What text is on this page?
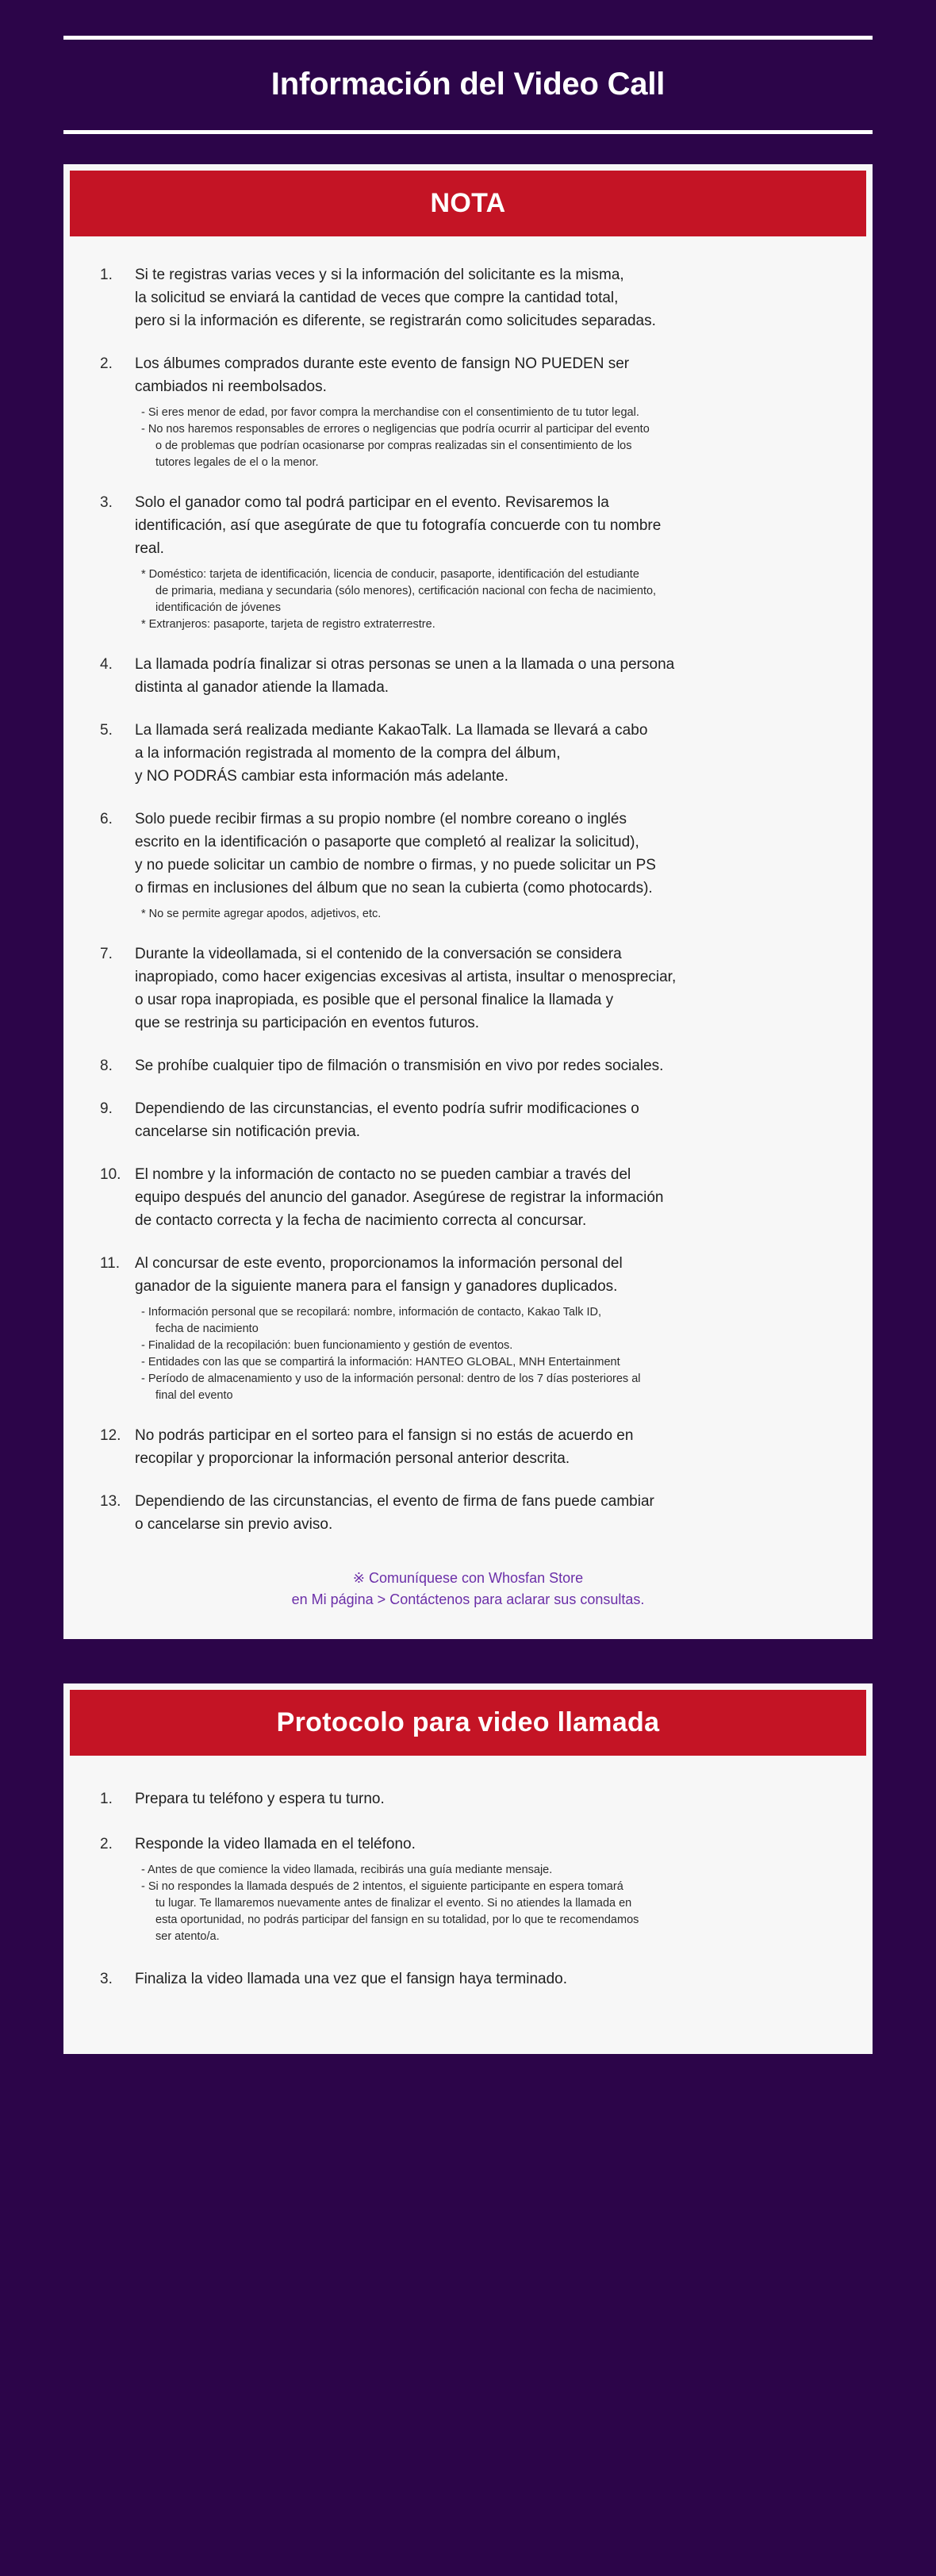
Información del Video Call
NOTA
1. Si te registras varias veces y si la información del solicitante es la misma,
la solicitud se enviará la cantidad de veces que compre la cantidad total,
pero si la información es diferente, se registrarán como solicitudes separadas.
2. Los álbumes comprados durante este evento de fansign NO PUEDEN ser
cambiados ni reembolsados.
- Si eres menor de edad, por favor compra la merchandise con el consentimiento de tu tutor legal.
- No nos haremos responsables de errores o negligencias que podría ocurrir al participar del evento
o de problemas que podrían ocasionarse por compras realizadas sin el consentimiento de los
tutores legales de el o la menor.
3. Solo el ganador como tal podrá participar en el evento. Revisaremos la
identificación, así que asegúrate de que tu fotografía concuerde con tu nombre
real.
* Doméstico: tarjeta de identificación, licencia de conducir, pasaporte, identificación del estudiante
de primaria, mediana y secundaria (sólo menores), certificación nacional con fecha de nacimiento,
identificación de jóvenes
* Extranjeros: pasaporte, tarjeta de registro extraterrestre.
4. La llamada podría finalizar si otras personas se unen a la llamada o una persona
distinta al ganador atiende la llamada.
5. La llamada será realizada mediante KakaoTalk. La llamada se llevará a cabo
a la información registrada al momento de la compra del álbum,
y NO PODRÁS cambiar esta información más adelante.
6. Solo puede recibir firmas a su propio nombre (el nombre coreano o inglés
escrito en la identificación o pasaporte que completó al realizar la solicitud),
y no puede solicitar un cambio de nombre o firmas, y no puede solicitar un PS
o firmas en inclusiones del álbum que no sean la cubierta (como photocards).
* No se permite agregar apodos, adjetivos, etc.
7. Durante la videollamada, si el contenido de la conversación se considera
inapropiado, como hacer exigencias excesivas al artista, insultar o menospreciar,
o usar ropa inapropiada, es posible que el personal finalice la llamada y
que se restrinja su participación en eventos futuros.
8. Se prohíbe cualquier tipo de filmación o transmisión en vivo por redes sociales.
9. Dependiendo de las circunstancias, el evento podría sufrir modificaciones o
cancelarse sin notificación previa.
10. El nombre y la información de contacto no se pueden cambiar a través del
equipo después del anuncio del ganador. Asegúrese de registrar la información
de contacto correcta y la fecha de nacimiento correcta al concursar.
11. Al concursar de este evento, proporcionamos la información personal del
ganador de la siguiente manera para el fansign y ganadores duplicados.
- Información personal que se recopilará: nombre, información de contacto, Kakao Talk ID,
fecha de nacimiento
- Finalidad de la recopilación: buen funcionamiento y gestión de eventos.
- Entidades con las que se compartirá la información: HANTEO GLOBAL, MNH Entertainment
- Período de almacenamiento y uso de la información personal: dentro de los 7 días posteriores al
final del evento
12. No podrás participar en el sorteo para el fansign si no estás de acuerdo en
recopilar y proporcionar la información personal anterior descrita.
13. Dependiendo de las circunstancias, el evento de firma de fans puede cambiar
o cancelarse sin previo aviso.
※ Comuníquese con Whosfan Store
en Mi página > Contáctenos para aclarar sus consultas.
Protocolo para video llamada
1. Prepara tu teléfono y espera tu turno.
2. Responde la video llamada en el teléfono.
- Antes de que comience la video llamada, recibirás una guía mediante mensaje.
- Si no respondes la llamada después de 2 intentos, el siguiente participante en espera tomará
tu lugar. Te llamaremos nuevamente antes de finalizar el evento. Si no atiendes la llamada en
esta oportunidad, no podrás participar del fansign en su totalidad, por lo que te recomendamos
ser atento/a.
3. Finaliza la video llamada una vez que el fansign haya terminado.
